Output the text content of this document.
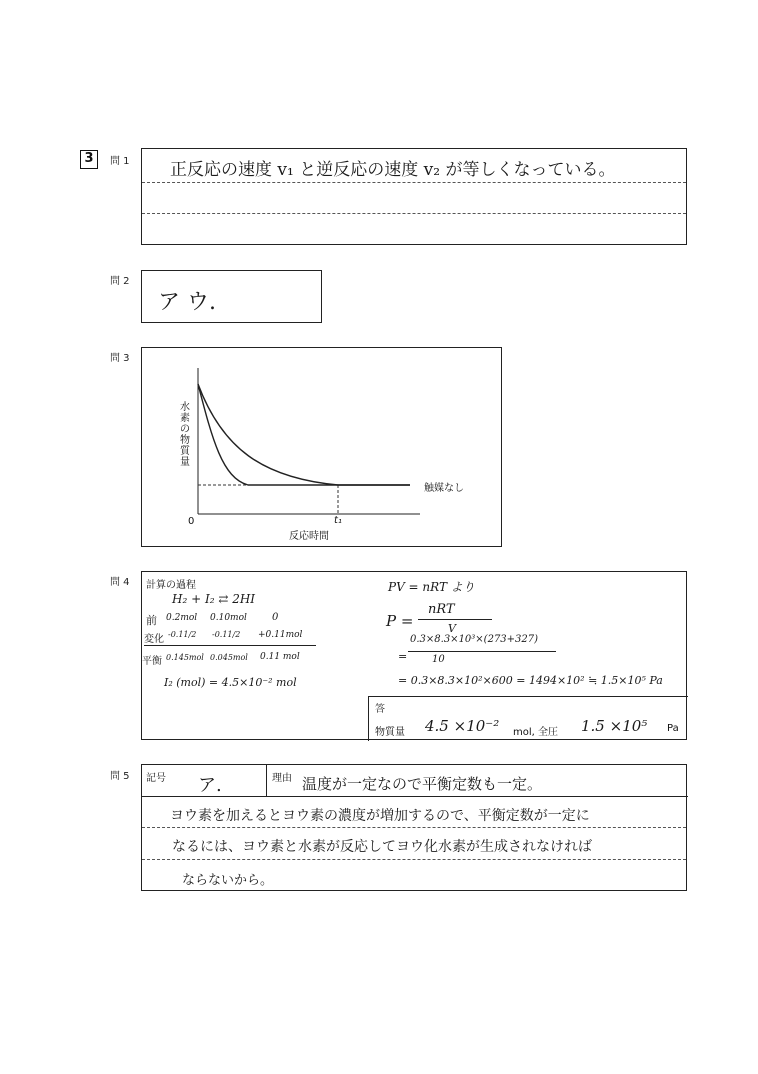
3	問 1 正反応の速度 v₁ と逆反応の速度 v₂ が等しくなっている。
問 2
ア ウ.
問 3
水素の物質量
0	t₁
反応時間
触媒なし
問 4 計算の過程
H₂ + I₂ ⇄ 2HI
前 0.2mol 0.10mol	0
変化 -0.11/2 -0.11/2 +0.11mol
平衡 0.145mol 0.045mol 0.11 mol
I₂ (mol) = 4.5×10⁻² mol
PV = nRT より
P =
nRT
V
=
0.3×8.3×10³×(273+327)
10
= 0.3×8.3×10²×600 = 1494×10² ≒ 1.5×10⁵ Pa
答
物質量 4.5 ×10⁻² mol, 全圧 1.5 ×10⁵ Pa
問 5 記号 ア.	理由 温度が一定なので平衡定数も一定。
ヨウ素を加えるとヨウ素の濃度が増加するので、平衡定数が一定に
なるには、ヨウ素と水素が反応してヨウ化水素が生成されなければ
ならないから。
